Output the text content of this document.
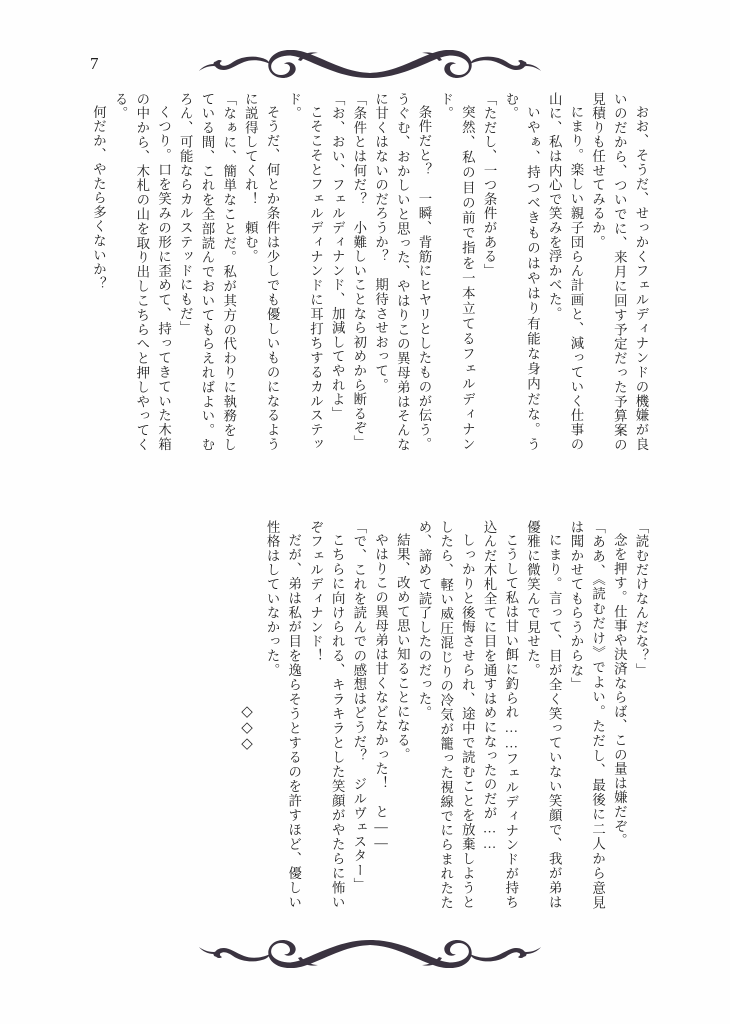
7

おお、そうだ、せっかくフェルディナンドの機嫌が良いのだから、ついでに、来月に回す予定だった予算案の見積りも任せてみるか。

にまり。楽しい親子団らん計画と、減っていく仕事の山に、私は内心で笑みを浮かべた。

いやぁ、持つべきものはやはり有能な身内だな。うむ。

「ただし、一つ条件がある」

突然、私の目の前で指を一本立てるフェルディナンド。

条件だと？　一瞬、背筋にヒヤリとしたものが伝う。うぐむ、おかしいと思った、やはりこの異母弟はそんなに甘くはないのだろうか？　期待させおって。

「条件とは何だ？　小難しいことなら初めから断るぞ」

「お、おい、フェルディナンド、加減してやれよ」

こそこそとフェルディナンドに耳打ちするカルステッド。

そうだ、何とか条件は少しでも優しいものになるように説得してくれ！　頼む。

「なぁに、簡単なことだ。私が其方の代わりに執務をしている間、これを全部読んでおいてもらえればよい。むろん、可能ならカルステッドにもだ」

くつり。口を笑みの形に歪めて、持ってきていた木箱の中から、木札の山を取り出しこちらへと押しやってくる。

何だか、やたら多くないか？

「読むだけなんだな？」

念を押す。仕事や決済ならば、この量は嫌だぞ。

「ああ、《読むだけ》でよい。ただし、最後に二人から意見は聞かせてもらうからな」

にまり。言って、目が全く笑っていない笑顔で、我が弟は優雅に微笑んで見せた。

こうして私は甘い餌に釣られ……フェルディナンドが持ち込んだ木札全てに目を通すはめになったのだが……

しっかりと後悔させられ、途中で読むことを放棄しようとしたら、軽い威圧混じりの冷気が籠った視線でにらまれたため、諦めて読了したのだった。

結果、改めて思い知ることになる。

やはりこの異母弟は甘くなどなかった！　と——

「で、これを読んでの感想はどうだ？　ジルヴェスター」

こちらに向けられる、キラキラとした笑顔がやたらに怖いぞフェルディナンド！

だが、弟は私が目を逸らそうとするのを許すほど、優しい性格はしていなかった。

◇
◇
◇
